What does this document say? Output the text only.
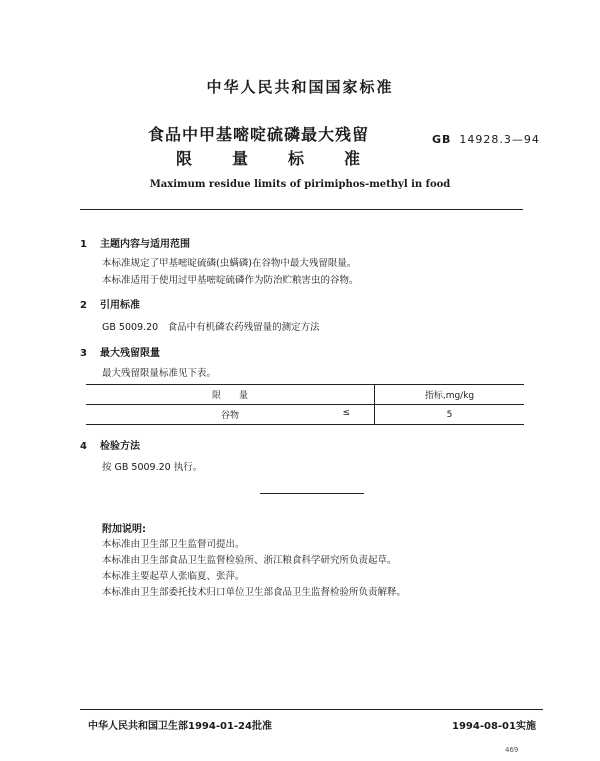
中华人民共和国国家标准
食品中甲基嘧啶硫磷最大残留
限 量 标 准
GB 14928.3—94
Maximum residue limits of pirimiphos-methyl in food
1 主题内容与适用范围
本标准规定了甲基嘧啶硫磷(虫螨磷)在谷物中最大残留限量。
本标准适用于使用过甲基嘧啶硫磷作为防治贮粮害虫的谷物。
2 引用标准
GB 5009.20　食品中有机磷农药残留量的测定方法
3 最大残留限量
最大残留限量标准见下表。
限　　量	指标,mg/kg
谷物 ≤	5
4 检验方法
按 GB 5009.20 执行。
附加说明:
本标准由卫生部卫生监督司提出。
本标准由卫生部食品卫生监督检验所、浙江粮食科学研究所负责起草。
本标准主要起草人张临夏、张萍。
本标准由卫生部委托技术归口单位卫生部食品卫生监督检验所负责解释。
中华人民共和国卫生部1994-01-24批准	1994-08-01实施
469
